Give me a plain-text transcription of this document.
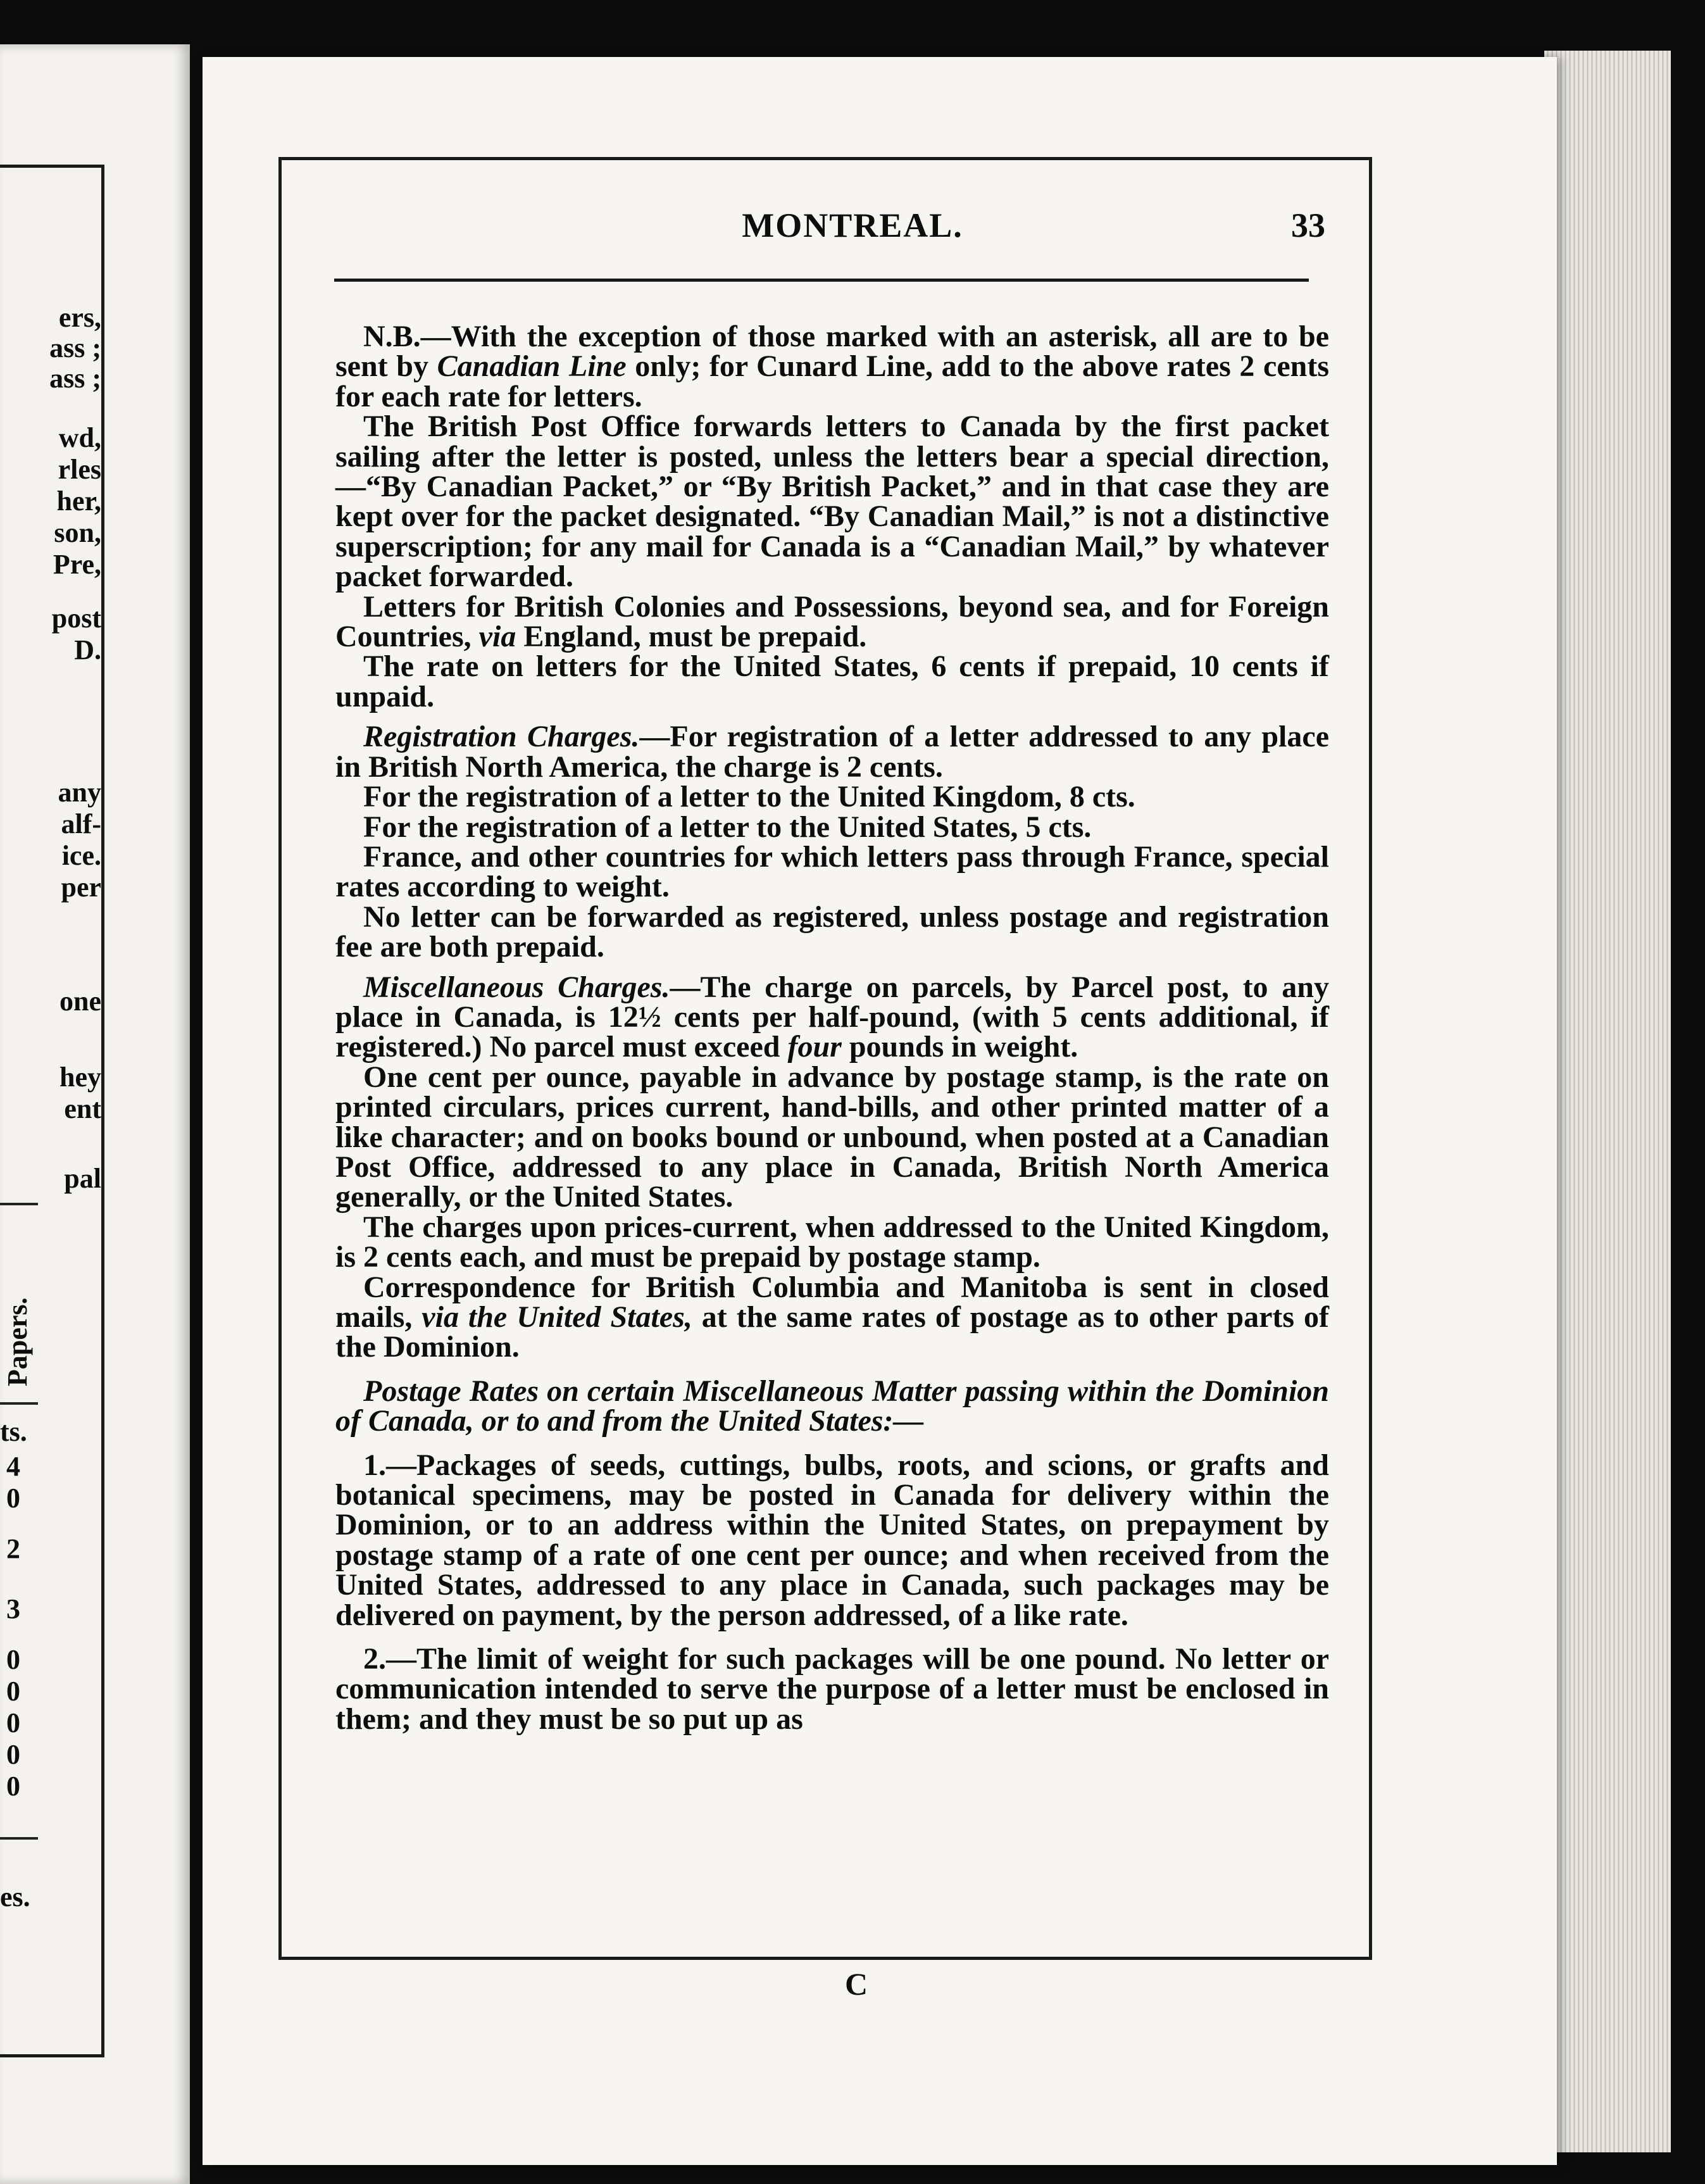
ers,
ass ;
ass ;
wd,
rles
her,
son,
Pre,
post
D.
any
alf-
ice.
per
one
hey
ent
pal
Papers.
ts.
4
0
2
3
0
0
0
0
0
es.
MONTREAL.	33

N.B.—With the exception of those marked with an asterisk, all are to be sent by Canadian Line only; for Cunard Line, add to the above rates 2 cents for each rate for letters.

The British Post Office forwards letters to Canada by the first packet sailing after the letter is posted, unless the letters bear a special direction,—“By Canadian Packet,” or “By British Packet,” and in that case they are kept over for the packet designated. “By Canadian Mail,” is not a distinctive superscription; for any mail for Canada is a “Canadian Mail,” by whatever packet forwarded.

Letters for British Colonies and Possessions, beyond sea, and for Foreign Countries, via England, must be prepaid.

The rate on letters for the United States, 6 cents if prepaid, 10 cents if unpaid.

Registration Charges.—For registration of a letter addressed to any place in British North America, the charge is 2 cents.

For the registration of a letter to the United Kingdom, 8 cts.

For the registration of a letter to the United States, 5 cts.

France, and other countries for which letters pass through France, special rates according to weight.

No letter can be forwarded as registered, unless postage and registration fee are both prepaid.

Miscellaneous Charges.—The charge on parcels, by Parcel post, to any place in Canada, is 12½ cents per half-pound, (with 5 cents additional, if registered.) No parcel must exceed four pounds in weight.

One cent per ounce, payable in advance by postage stamp, is the rate on printed circulars, prices current, hand-bills, and other printed matter of a like character; and on books bound or unbound, when posted at a Canadian Post Office, addressed to any place in Canada, British North America generally, or the United States.

The charges upon prices-current, when addressed to the United Kingdom, is 2 cents each, and must be prepaid by postage stamp.

Correspondence for British Columbia and Manitoba is sent in closed mails, via the United States, at the same rates of postage as to other parts of the Dominion.

Postage Rates on certain Miscellaneous Matter passing within the Dominion of Canada, or to and from the United States:—

1.—Packages of seeds, cuttings, bulbs, roots, and scions, or grafts and botanical specimens, may be posted in Canada for delivery within the Dominion, or to an address within the United States, on prepayment by postage stamp of a rate of one cent per ounce; and when received from the United States, addressed to any place in Canada, such packages may be delivered on payment, by the person addressed, of a like rate.

2.—The limit of weight for such packages will be one pound. No letter or communication intended to serve the purpose of a letter must be enclosed in them; and they must be so put up as

C
